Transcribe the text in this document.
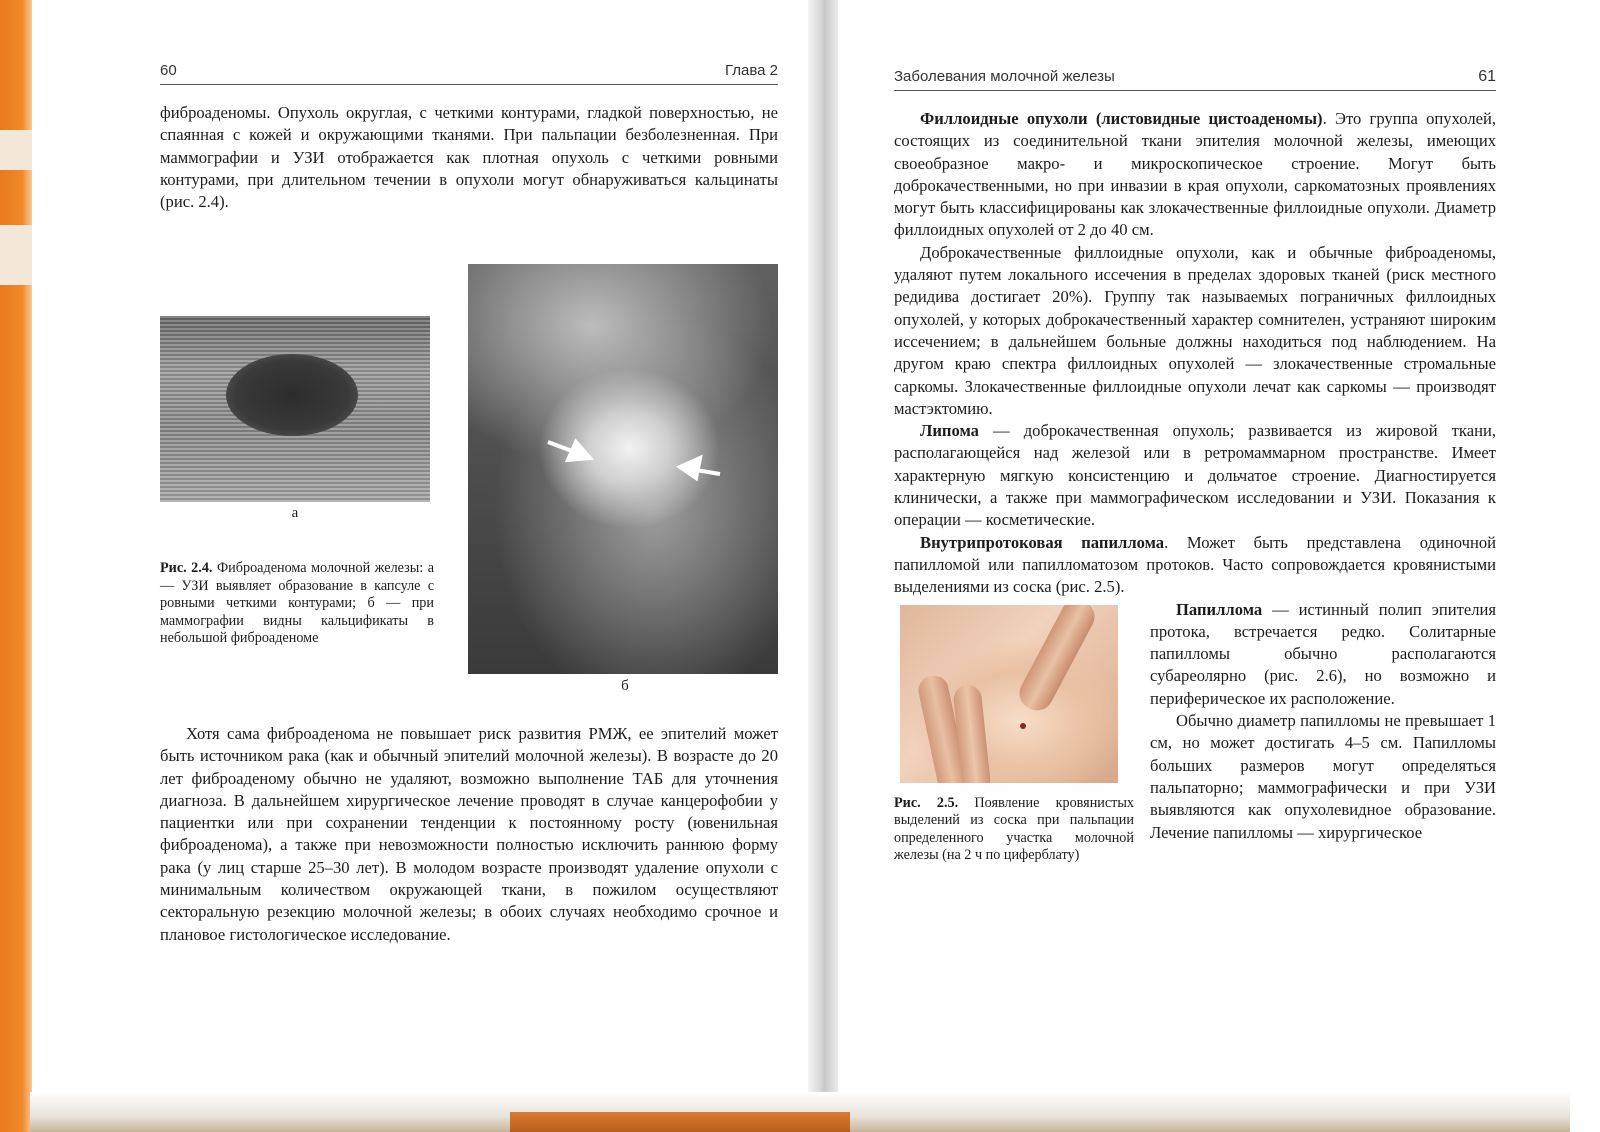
60	Глава 2

фиброаденомы. Опухоль округлая, с четкими контурами, гладкой поверхностью, не спаянная с кожей и окружающими тканями. При пальпации безболезненная. При маммографии и УЗИ отображается как плотная опухоль с четкими ровными контурами, при длительном течении в опухоли могут обнаруживаться кальцинаты (рис. 2.4).

а
б
Рис. 2.4. Фиброаденома молочной железы: а — УЗИ выявляет образование в капсуле с ровными четкими контурами; б — при маммографии видны кальцификаты в небольшой фиброаденоме

Хотя сама фиброаденома не повышает риск развития РМЖ, ее эпителий может быть источником рака (как и обычный эпителий молочной железы). В возрасте до 20 лет фиброаденому обычно не удаляют, возможно выполнение ТАБ для уточнения диагноза. В дальнейшем хирургическое лечение проводят в случае канцерофобии у пациентки или при сохранении тенденции к постоянному росту (ювенильная фиброаденома), а также при невозможности полностью исключить раннюю форму рака (у лиц старше 25–30 лет). В молодом возрасте производят удаление опухоли с минимальным количеством окружающей ткани, в пожилом осуществляют секторальную резекцию молочной железы; в обоих случаях необходимо срочное и плановое гистологическое исследование.

Заболевания молочной железы	61

Филлоидные опухоли (листовидные цистоаденомы). Это группа опухолей, состоящих из соединительной ткани эпителия молочной железы, имеющих своеобразное макро- и микроскопическое строение. Могут быть доброкачественными, но при инвазии в края опухоли, саркоматозных проявлениях могут быть классифицированы как злокачественные филлоидные опухоли. Диаметр филлоидных опухолей от 2 до 40 см.

Доброкачественные филлоидные опухоли, как и обычные фиброаденомы, удаляют путем локального иссечения в пределах здоровых тканей (риск местного редидива достигает 20%). Группу так называемых пограничных филлоидных опухолей, у которых доброкачественный характер сомнителен, устраняют широким иссечением; в дальнейшем больные должны находиться под наблюдением. На другом краю спектра филлоидных опухолей — злокачественные стромальные саркомы. Злокачественные филлоидные опухоли лечат как саркомы — производят мастэктомию.

Липома — доброкачественная опухоль; развивается из жировой ткани, располагающейся над железой или в ретромаммарном пространстве. Имеет характерную мягкую консистенцию и дольчатое строение. Диагностируется клинически, а также при маммографическом исследовании и УЗИ. Показания к операции — косметические.

Внутрипротоковая папиллома. Может быть представлена одиночной папилломой или папилломатозом протоков. Часто сопровождается кровянистыми выделениями из соска (рис. 2.5).

Рис. 2.5. Появление кровянистых выделений из соска при пальпации определенного участка молочной железы (на 2 ч по циферблату)

Папиллома — истинный полип эпителия протока, встречается редко. Солитарные папилломы обычно располагаются субареолярно (рис. 2.6), но возможно и периферическое их расположение.

Обычно диаметр папилломы не превышает 1 см, но может достигать 4–5 см. Папилломы больших размеров могут определяться пальпаторно; маммографически и при УЗИ выявляются как опухолевидное образование. Лечение папилломы — хирургическое
